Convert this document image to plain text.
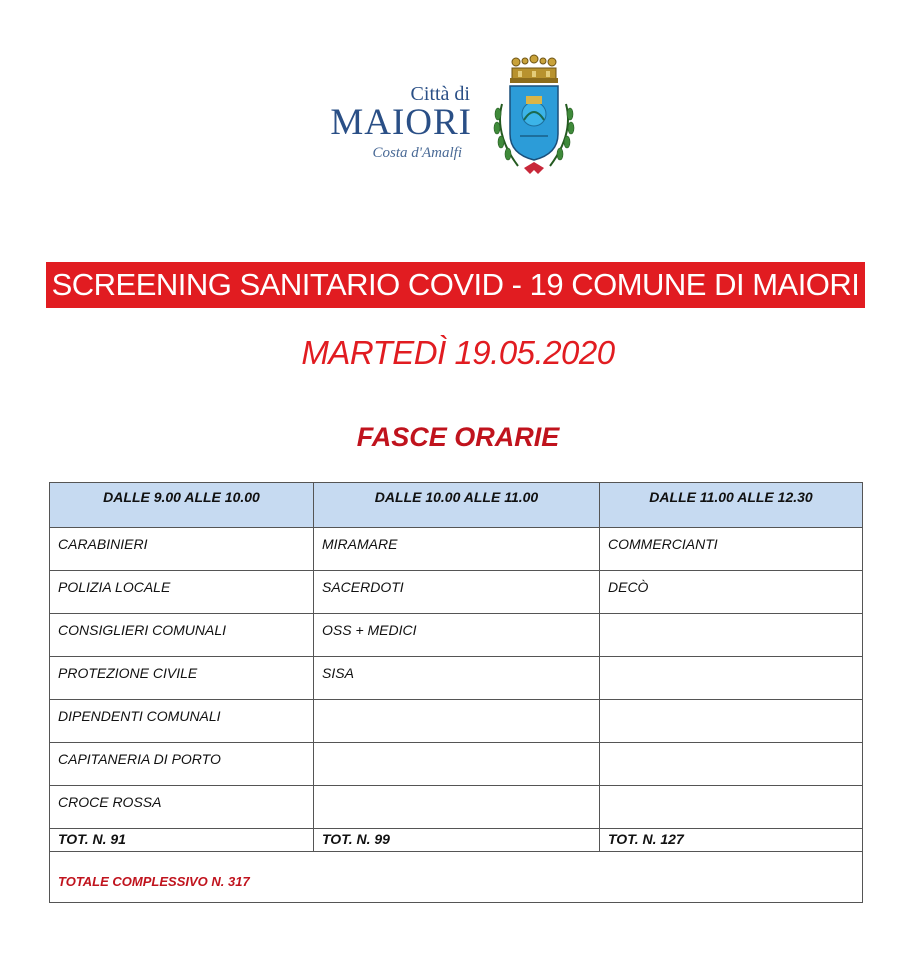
Città di
MAIORI
Costa d'Amalfi
SCREENING SANITARIO COVID - 19 COMUNE DI MAIORI
MARTEDÌ 19.05.2020
FASCE ORARIE
DALLE 9.00 ALLE 10.00	DALLE 10.00 ALLE 11.00	DALLE 11.00 ALLE 12.30
CARABINIERI	MIRAMARE	COMMERCIANTI
POLIZIA LOCALE	SACERDOTI	DECÒ
CONSIGLIERI COMUNALI	OSS + MEDICI	
PROTEZIONE CIVILE	SISA	
DIPENDENTI COMUNALI		
CAPITANERIA DI PORTO		
CROCE ROSSA		
TOT. N. 91	TOT. N. 99	TOT. N. 127
TOTALE COMPLESSIVO N. 317		
